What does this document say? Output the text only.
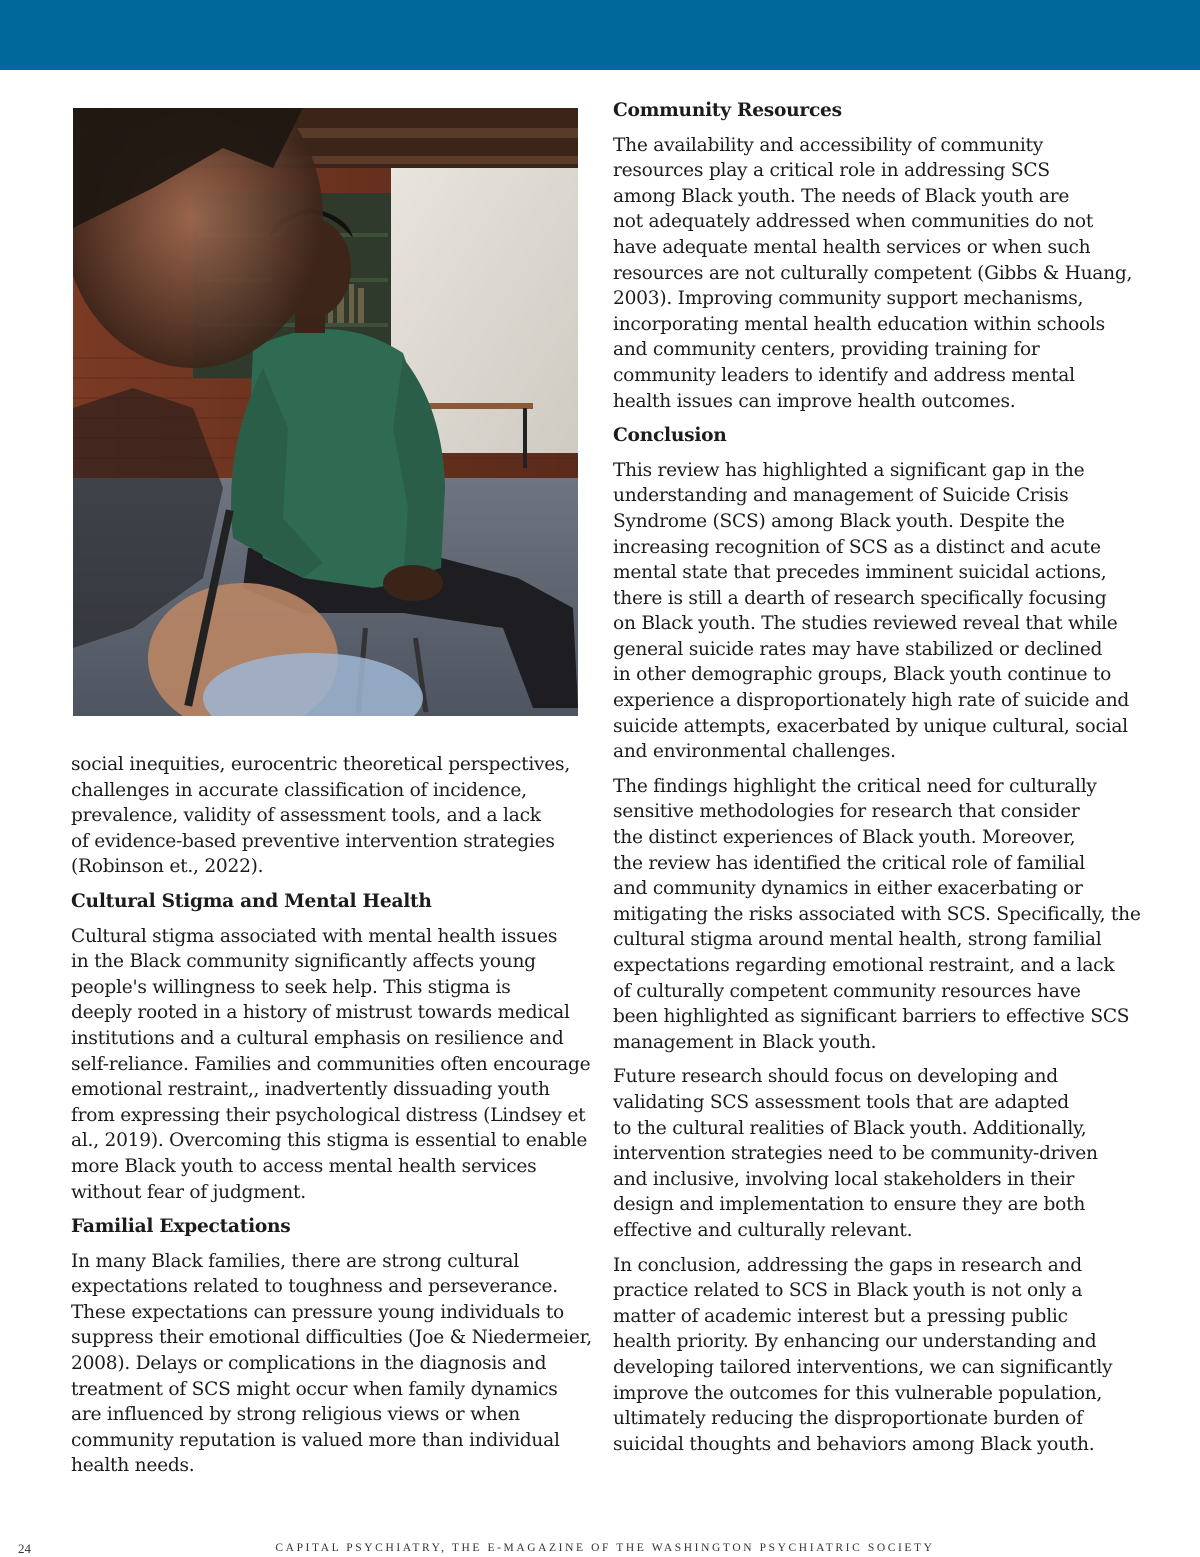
social inequities, eurocentric theoretical perspectives,
challenges in accurate classification of incidence,
prevalence, validity of assessment tools, and a lack
of evidence-based preventive intervention strategies
(Robinson et., 2022).
Cultural Stigma and Mental Health
Cultural stigma associated with mental health issues
in the Black community significantly affects young
people's willingness to seek help. This stigma is
deeply rooted in a history of mistrust towards medical
institutions and a cultural emphasis on resilience and
self-reliance. Families and communities often encourage
emotional restraint,, inadvertently dissuading youth
from expressing their psychological distress (Lindsey et
al., 2019). Overcoming this stigma is essential to enable
more Black youth to access mental health services
without fear of judgment.
Familial Expectations
In many Black families, there are strong cultural
expectations related to toughness and perseverance.
These expectations can pressure young individuals to
suppress their emotional difficulties (Joe & Niedermeier,
2008). Delays or complications in the diagnosis and
treatment of SCS might occur when family dynamics
are influenced by strong religious views or when
community reputation is valued more than individual
health needs.
Community Resources
The availability and accessibility of community
resources play a critical role in addressing SCS
among Black youth. The needs of Black youth are
not adequately addressed when communities do not
have adequate mental health services or when such
resources are not culturally competent (Gibbs & Huang,
2003). Improving community support mechanisms,
incorporating mental health education within schools
and community centers, providing training for
community leaders to identify and address mental
health issues can improve health outcomes.
Conclusion
This review has highlighted a significant gap in the
understanding and management of Suicide Crisis
Syndrome (SCS) among Black youth. Despite the
increasing recognition of SCS as a distinct and acute
mental state that precedes imminent suicidal actions,
there is still a dearth of research specifically focusing
on Black youth. The studies reviewed reveal that while
general suicide rates may have stabilized or declined
in other demographic groups, Black youth continue to
experience a disproportionately high rate of suicide and
suicide attempts, exacerbated by unique cultural, social
and environmental challenges.
The findings highlight the critical need for culturally
sensitive methodologies for research that consider
the distinct experiences of Black youth. Moreover,
the review has identified the critical role of familial
and community dynamics in either exacerbating or
mitigating the risks associated with SCS. Specifically, the
cultural stigma around mental health, strong familial
expectations regarding emotional restraint, and a lack
of culturally competent community resources have
been highlighted as significant barriers to effective SCS
management in Black youth.
Future research should focus on developing and
validating SCS assessment tools that are adapted
to the cultural realities of Black youth. Additionally,
intervention strategies need to be community-driven
and inclusive, involving local stakeholders in their
design and implementation to ensure they are both
effective and culturally relevant.
In conclusion, addressing the gaps in research and
practice related to SCS in Black youth is not only a
matter of academic interest but a pressing public
health priority. By enhancing our understanding and
developing tailored interventions, we can significantly
improve the outcomes for this vulnerable population,
ultimately reducing the disproportionate burden of
suicidal thoughts and behaviors among Black youth.
24	CAPITAL PSYCHIATRY, THE E-MAGAZINE OF THE WASHINGTON PSYCHIATRIC SOCIETY
